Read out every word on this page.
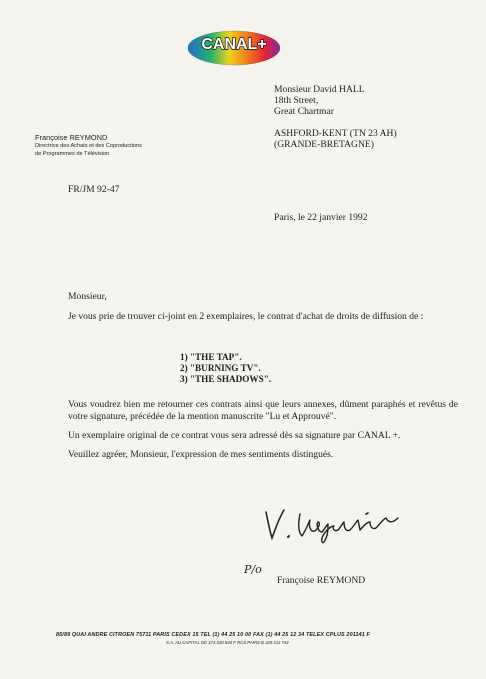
CANAL+
Monsieur David HALL
18th Street,
Great Chartmar
ASHFORD-KENT (TN 23 AH)
(GRANDE-BRETAGNE)
Françoise REYMOND
Directrice des Achats et des Coproductions
de Programmes de Télévision
FR/JM 92-47
Paris, le 22 janvier 1992
Monsieur,
Je vous prie de trouver ci-joint en 2 exemplaires, le contrat d'achat de droits de diffusion de :
1) "THE TAP".
2) "BURNING TV".
3) "THE SHADOWS".
Vous voudrez bien me retourner ces contrats ainsi que leurs annexes, dûment paraphés et revêtus de votre signature, précédée de la mention manuscrite "Lu et Approuvé".
Un exemplaire original de ce contrat vous sera adressé dès sa signature par CANAL +.
Veuillez agréer, Monsieur, l'expression de mes sentiments distingués.
P/o
Françoise REYMOND
85/89 QUAI ANDRE CITROEN 75711 PARIS CEDEX 15 TEL (1) 44 25 10 00 FAX (1) 44 25 12 34 TELEX CPLUS 201141 F
S.A. AU CAPITAL DE 373 330 840 F RCS PARIS B 329 211 734
